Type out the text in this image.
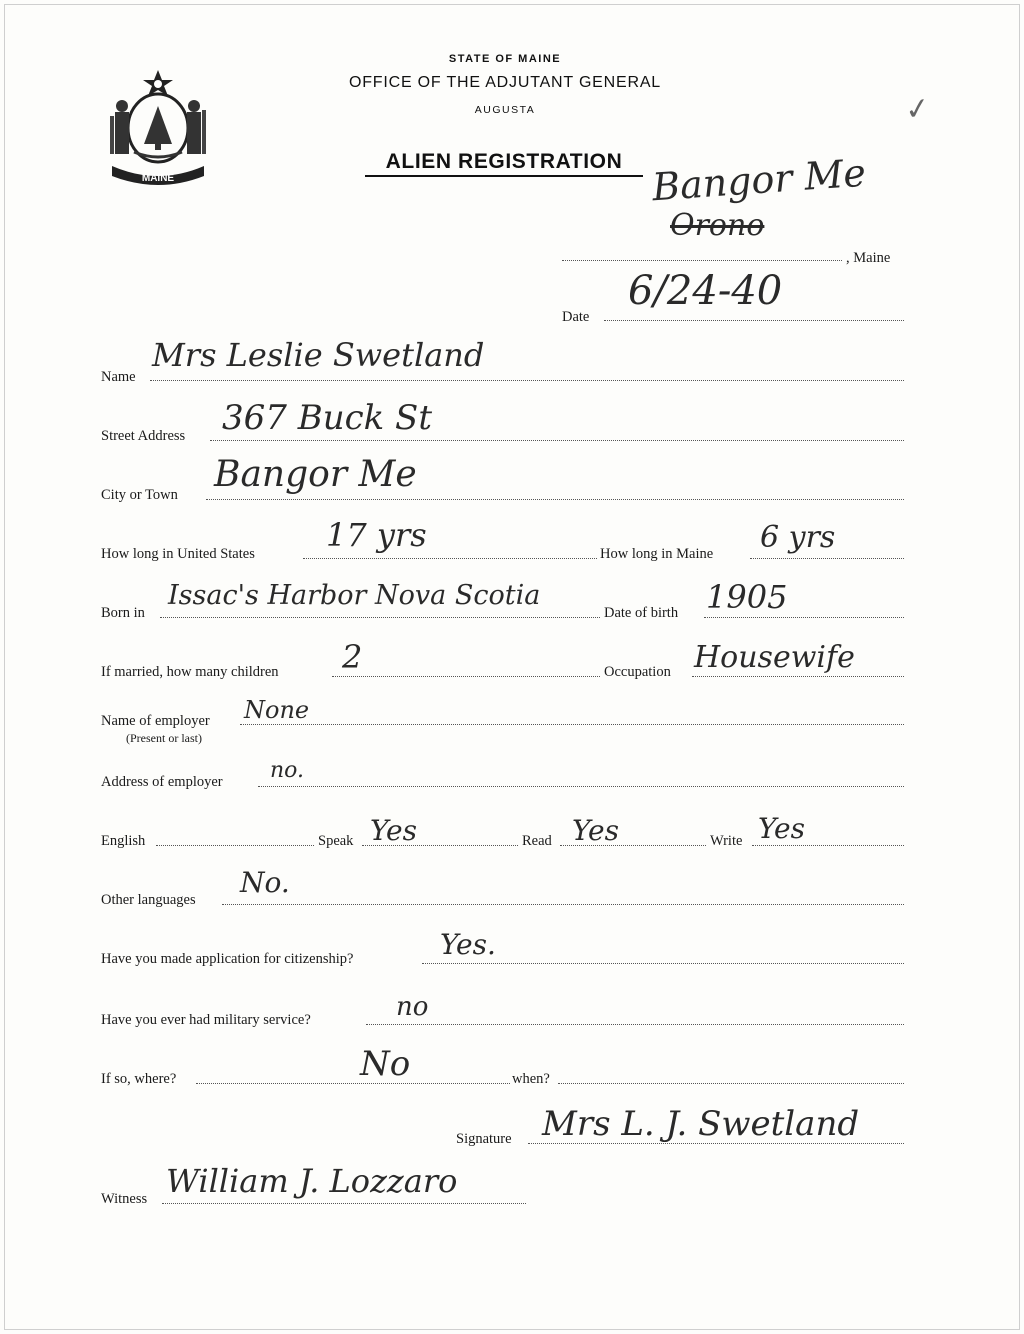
MAINE
STATE OF MAINE
OFFICE OF THE ADJUTANT GENERAL
AUGUSTA
ALIEN REGISTRATION
✓
Bangor Me
Orono
, Maine
Date
6/24-40
Name
Mrs Leslie Swetland
Street Address 367 Buck St
City or Town Bangor Me
How long in United States 17 yrs	How long in Maine 6 yrs
Born in
Issac's Harbor Nova Scotia
Date of birth 1905
If married, how many children 2	Occupation Housewife
Name of employer
(Present or last)
None
Address of employer no.
English	Speak Yes	Read Yes	Write Yes
Other languages
No.
Have you made application for citizenship?	Yes.
Have you ever had military service?	no
If so, where?	No	when?
Signature Mrs L. J. Swetland
Witness William J. Lozzaro
